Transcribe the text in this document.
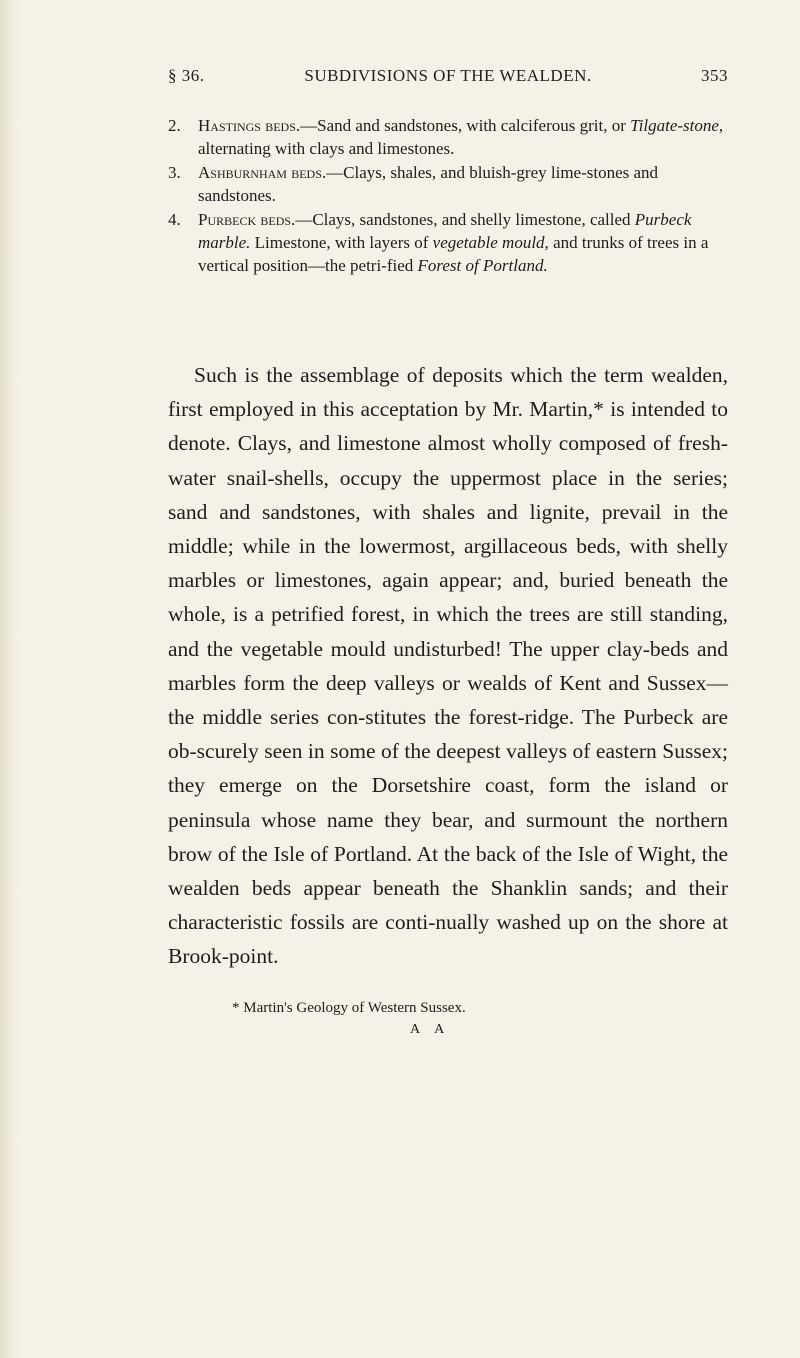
§ 36.	SUBDIVISIONS OF THE WEALDEN.	353
2. Hastings beds.—Sand and sandstones, with calciferous grit, or Tilgate-stone, alternating with clays and limestones.
3. Ashburnham beds.—Clays, shales, and bluish-grey lime-stones and sandstones.
4. Purbeck beds.—Clays, sandstones, and shelly limestone, called Purbeck marble. Limestone, with layers of vegetable mould, and trunks of trees in a vertical position—the petri-fied Forest of Portland.

Such is the assemblage of deposits which the term wealden, first employed in this acceptation by Mr. Martin,* is intended to denote. Clays, and limestone almost wholly composed of fresh-water snail-shells, occupy the uppermost place in the series; sand and sandstones, with shales and lignite, prevail in the middle; while in the lowermost, argillaceous beds, with shelly marbles or limestones, again appear; and, buried beneath the whole, is a petrified forest, in which the trees are still standing, and the vegetable mould undisturbed! The upper clay-beds and marbles form the deep valleys or wealds of Kent and Sussex—the middle series con-stitutes the forest-ridge. The Purbeck are ob-scurely seen in some of the deepest valleys of eastern Sussex; they emerge on the Dorsetshire coast, form the island or peninsula whose name they bear, and surmount the northern brow of the Isle of Portland. At the back of the Isle of Wight, the wealden beds appear beneath the Shanklin sands; and their characteristic fossils are conti-nually washed up on the shore at Brook-point.

* Martin's Geology of Western Sussex.
A A
